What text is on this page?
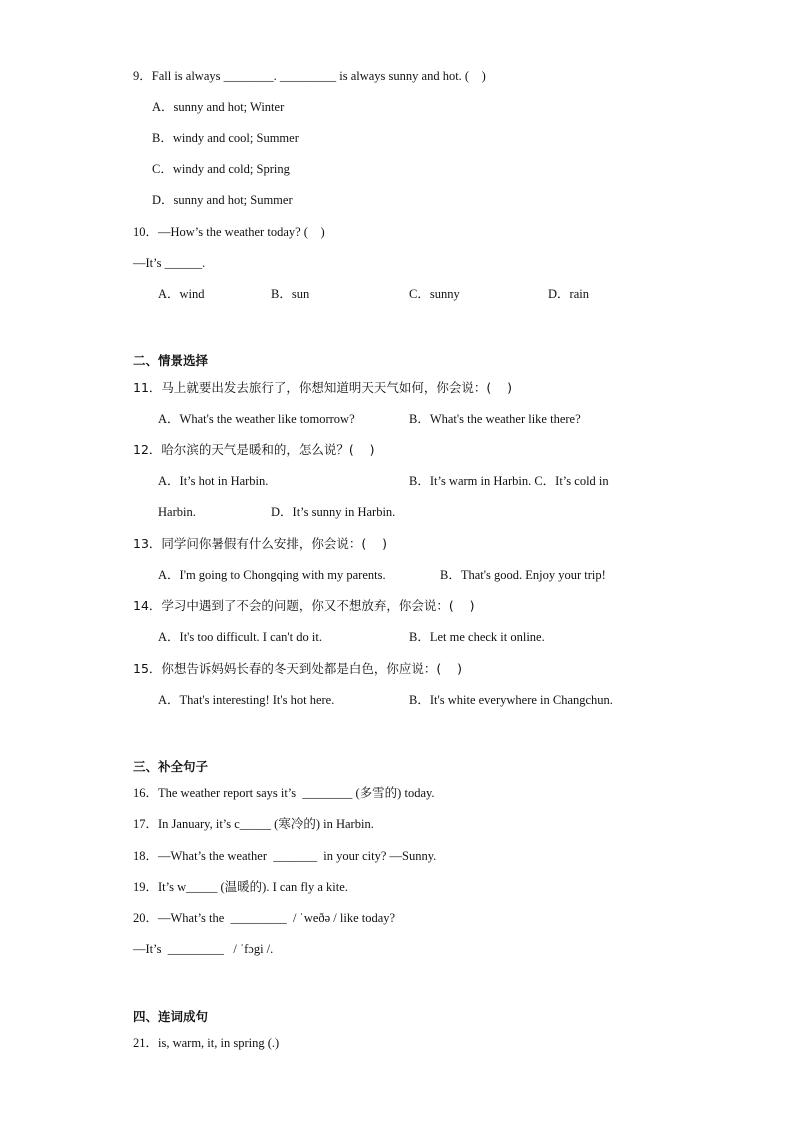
9．Fall is always ________. _________ is always sunny and hot. (    )
A．sunny and hot; Winter
B．windy and cool; Summer
C．windy and cold; Spring
D．sunny and hot; Summer
10．—How’s the weather today? (    )
—It’s ______.
A．wind	B．sun	C．sunny	D．rain
二、情景选择
11．马上就要出发去旅行了，你想知道明天天气如何，你会说：(    )
A．What's the weather like tomorrow?	B．What's the weather like there?
12．哈尔滨的天气是暖和的，怎么说？(    )
A．It’s hot in Harbin.	B．It’s warm in Harbin. C．It’s cold in
Harbin.	D．It’s sunny in Harbin.
13．同学问你暑假有什么安排，你会说：(    )
A．I'm going to Chongqing with my parents.	B．That's good. Enjoy your trip!
14．学习中遇到了不会的问题，你又不想放弃，你会说：(    )
A．It's too difficult. I can't do it.	B．Let me check it online.
15．你想告诉妈妈长春的冬天到处都是白色，你应说：(    )
A．That's interesting! It's hot here.	B．It's white everywhere in Changchun.
三、补全句子
16．The weather report says it’s  ________ (多雪的) today.
17．In January, it’s c_____ (寒冷的) in Harbin.
18．—What’s the weather  _______  in your city? —Sunny.
19．It’s w_____ (温暖的). I can fly a kite.
20．—What’s the  _________  / ˈweðə / like today?
—It’s  _________   / ˈfɔgi /.
四、连词成句
21．is, warm, it, in spring (.)
